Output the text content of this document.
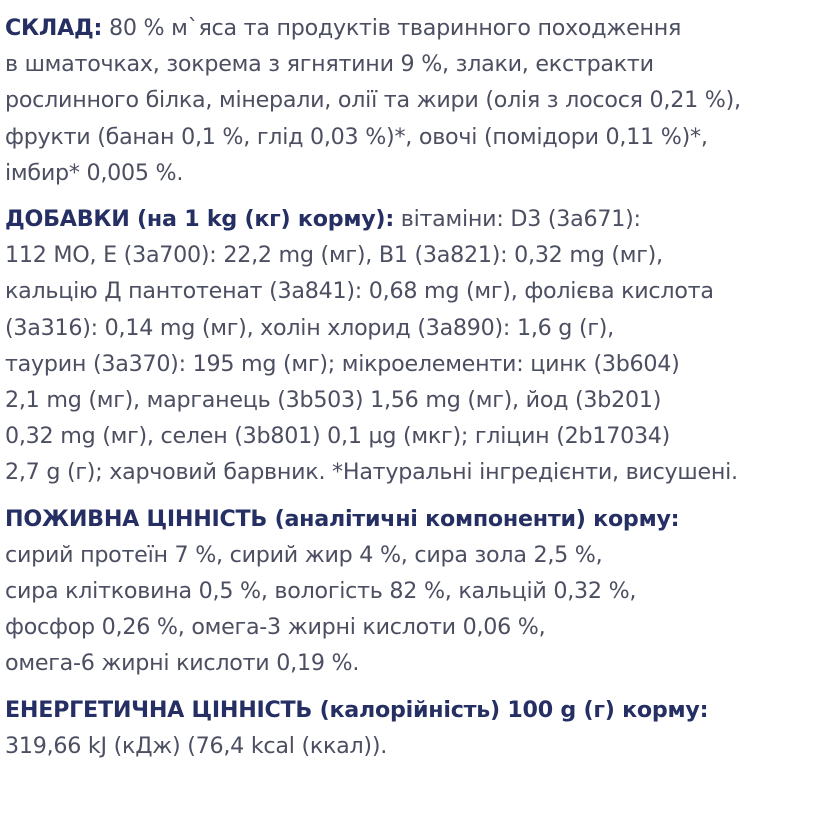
СКЛАД: 80 % м`яса та продуктів тваринного походження
в шматочках, зокрема з ягнятини 9 %, злаки, екстракти
рослинного білка, мінерали, олії та жири (олія з лосося 0,21 %),
фрукти (банан 0,1 %, глід 0,03 %)*, овочі (помідори 0,11 %)*,
імбир* 0,005 %.
ДОБАВКИ (на 1 kg (кг) корму): вітаміни: D3 (3a671):
112 МО, Е (3a700): 22,2 mg (мг), B1 (3a821): 0,32 mg (мг),
кальцію Д пантотенат (3a841): 0,68 mg (мг), фолієва кислота
(3a316): 0,14 mg (мг), холін хлорид (3a890): 1,6 g (г),
таурин (3a370): 195 mg (мг); мікроелементи: цинк (3b604)
2,1 mg (мг), марганець (3b503) 1,56 mg (мг), йод (3b201)
0,32 mg (мг), селен (3b801) 0,1 µg (мкг); гліцин (2b17034)
2,7 g (г); харчовий барвник. *Натуральні інгредієнти, висушені.
ПОЖИВНА ЦІННІСТЬ (аналітичні компоненти) корму:
сирий протеїн 7 %, сирий жир 4 %, сира зола 2,5 %,
сира клітковина 0,5 %, вологість 82 %, кальцій 0,32 %,
фосфор 0,26 %, омега-3 жирні кислоти 0,06 %,
омега-6 жирні кислоти 0,19 %.
ЕНЕРГЕТИЧНА ЦІННІСТЬ (калорійність) 100 g (г) корму:
319,66 kJ (кДж) (76,4 kcal (ккал)).
